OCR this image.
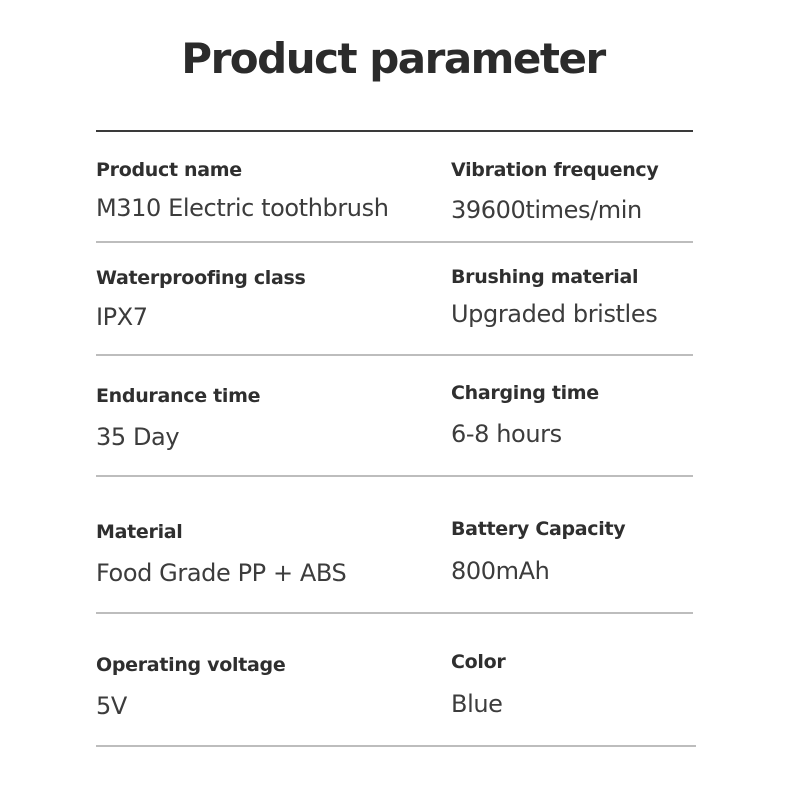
Product parameter
Product name
M310 Electric toothbrush
Vibration frequency
39600times/min
Waterproofing class
IPX7
Brushing material
Upgraded bristles
Endurance time
35 Day
Charging time
6-8 hours
Material
Food Grade PP + ABS
Battery Capacity
800mAh
Operating voltage
5V
Color
Blue
